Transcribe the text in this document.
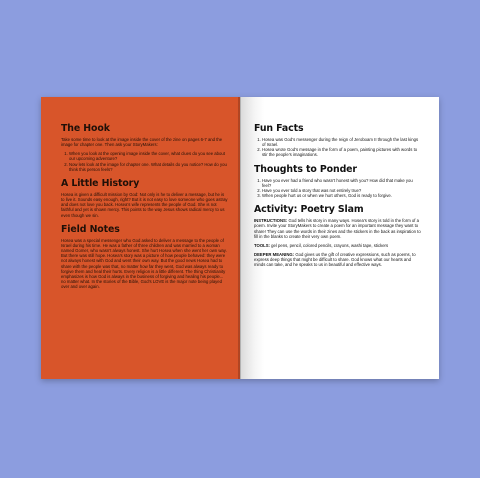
The Hook

Take some time to look at the image inside the cover of the zine on pages 6-7 and the image for chapter one. Then ask your StoryMakers:

1. When you look at the opening image inside the cover, what clues do you see about our upcoming adventure?
2. Now lets look at the image for chapter one. What details do you notice? How do you think this person feels?
A Little History

Hosea is given a difficult mission by God: Not only is he to deliver a message, but he is to live it. Sounds easy enough, right? But it is not easy to love someone who goes astray and does not love you back. Hosea’s wife represents the people of God. She is not faithful and yet is shown mercy. This points to the way Jesus shows radical mercy to us even though we sin.

Field Notes

Hosea was a special messenger who God asked to deliver a message to the people of Israel during his time. He was a father of three children and was married to a woman named Gomer, who wasn’t always honest. She hurt Hosea when she went her own way. But there was still hope. Hosea’s story was a picture of how people behaved: they were not always honest with God and went their own way. But the good news Hosea had to share with the people was that, no matter how far they went, God was always ready to forgive them and heal their hurts. Every religion is a little different. The thing Christianity emphasizes is how God is always in the business of forgiving and healing his people... no matter what. In the stories of the Bible, God’s LOVE is the major note being played over and over again.

Fun Facts
1. Hosea was God’s messenger during the reign of Jeroboam II through the last kings of Israel.
2. Hosea wrote God’s message in the form of a poem, painting pictures with words to stir the people’s imaginations.
Thoughts to Ponder
1. Have you ever had a friend who wasn’t honest with you? How did that make you feel?
2. Have you ever told a story that was not entirely true?
3. When people hurt us or when we hurt others, God is ready to forgive.
Activity: Poetry Slam

INSTRUCTIONS: God tells his story in many ways. Hosea’s story is told in the form of a poem. Invite your StoryMakers to create a poem for an important message they want to share! They can use the words in their zines and the stickers in the back as inspiration to fill in the blanks to create their very own poem.

TOOLS: gel pens, pencil, colored pencils, crayons, washi tape, stickers

DEEPER MEANING: God gives us the gift of creative expressions, such as poems, to express deep things that might be difficult to share. God knows what our hearts and minds can take, and he speaks to us in beautiful and effective ways.
